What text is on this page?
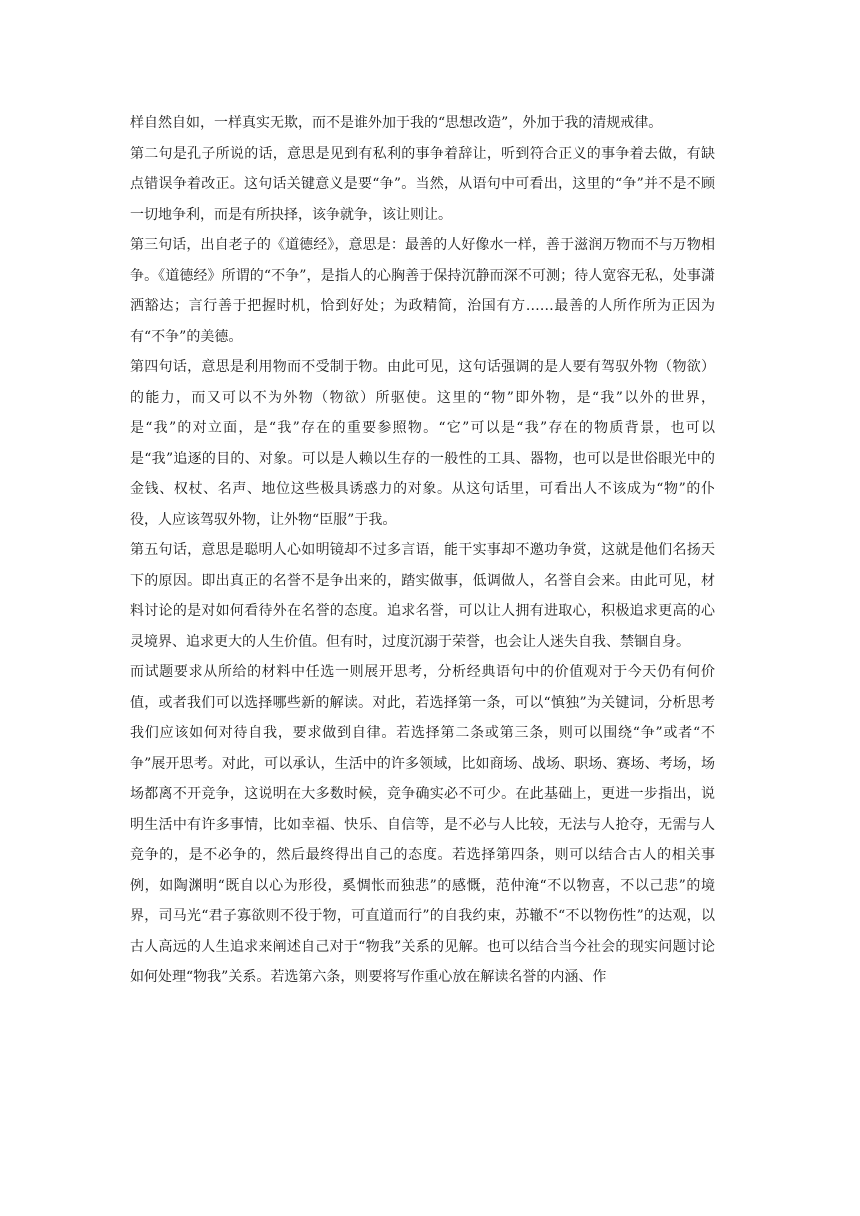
样自然自如，一样真实无欺，而不是谁外加于我的“思想改造”，外加于我的清规戒律。

第二句是孔子所说的话，意思是见到有私利的事争着辞让，听到符合正义的事争着去做，有缺点错误争着改正。这句话关键意义是要“争”。当然，从语句中可看出，这里的“争”并不是不顾一切地争利，而是有所抉择，该争就争，该让则让。

第三句话，出自老子的《道德经》，意思是：最善的人好像水一样，善于滋润万物而不与万物相争。《道德经》所谓的“不争”，是指人的心胸善于保持沉静而深不可测；待人宽容无私，处事潇洒豁达；言行善于把握时机，恰到好处；为政精简，治国有方……最善的人所作所为正因为有“不争”的美德。

第四句话，意思是利用物而不受制于物。由此可见，这句话强调的是人要有驾驭外物（物欲）的能力，而又可以不为外物（物欲）所驱使。这里的“物”即外物，是“我”以外的世界，是“我”的对立面，是“我”存在的重要参照物。“它”可以是“我”存在的物质背景，也可以是“我”追逐的目的、对象。可以是人赖以生存的一般性的工具、器物，也可以是世俗眼光中的金钱、权杖、名声、地位这些极具诱惑力的对象。从这句话里，可看出人不该成为“物”的仆役，人应该驾驭外物，让外物“臣服”于我。

第五句话，意思是聪明人心如明镜却不过多言语，能干实事却不邀功争赏，这就是他们名扬天下的原因。即出真正的名誉不是争出来的，踏实做事，低调做人，名誉自会来。由此可见，材料讨论的是对如何看待外在名誉的态度。追求名誉，可以让人拥有进取心，积极追求更高的心灵境界、追求更大的人生价值。但有时，过度沉溺于荣誉，也会让人迷失自我、禁锢自身。

而试题要求从所给的材料中任选一则展开思考，分析经典语句中的价值观对于今天仍有何价值，或者我们可以选择哪些新的解读。对此，若选择第一条，可以“慎独”为关键词，分析思考我们应该如何对待自我，要求做到自律。若选择第二条或第三条，则可以围绕“争”或者“不争”展开思考。对此，可以承认，生活中的许多领域，比如商场、战场、职场、赛场、考场，场场都离不开竞争，这说明在大多数时候，竞争确实必不可少。在此基础上，更进一步指出，说明生活中有许多事情，比如幸福、快乐、自信等，是不必与人比较，无法与人抢夺，无需与人竞争的，是不必争的，然后最终得出自己的态度。若选择第四条，则可以结合古人的相关事例，如陶渊明“既自以心为形役，奚惆怅而独悲”的感慨，范仲淹“不以物喜，不以己悲”的境界，司马光“君子寡欲则不役于物，可直道而行”的自我约束，苏辙不“不以物伤性”的达观，以古人高远的人生追求来阐述自己对于“物我”关系的见解。也可以结合当今社会的现实问题讨论如何处理“物我”关系。若选第六条，则要将写作重心放在解读名誉的内涵、作
